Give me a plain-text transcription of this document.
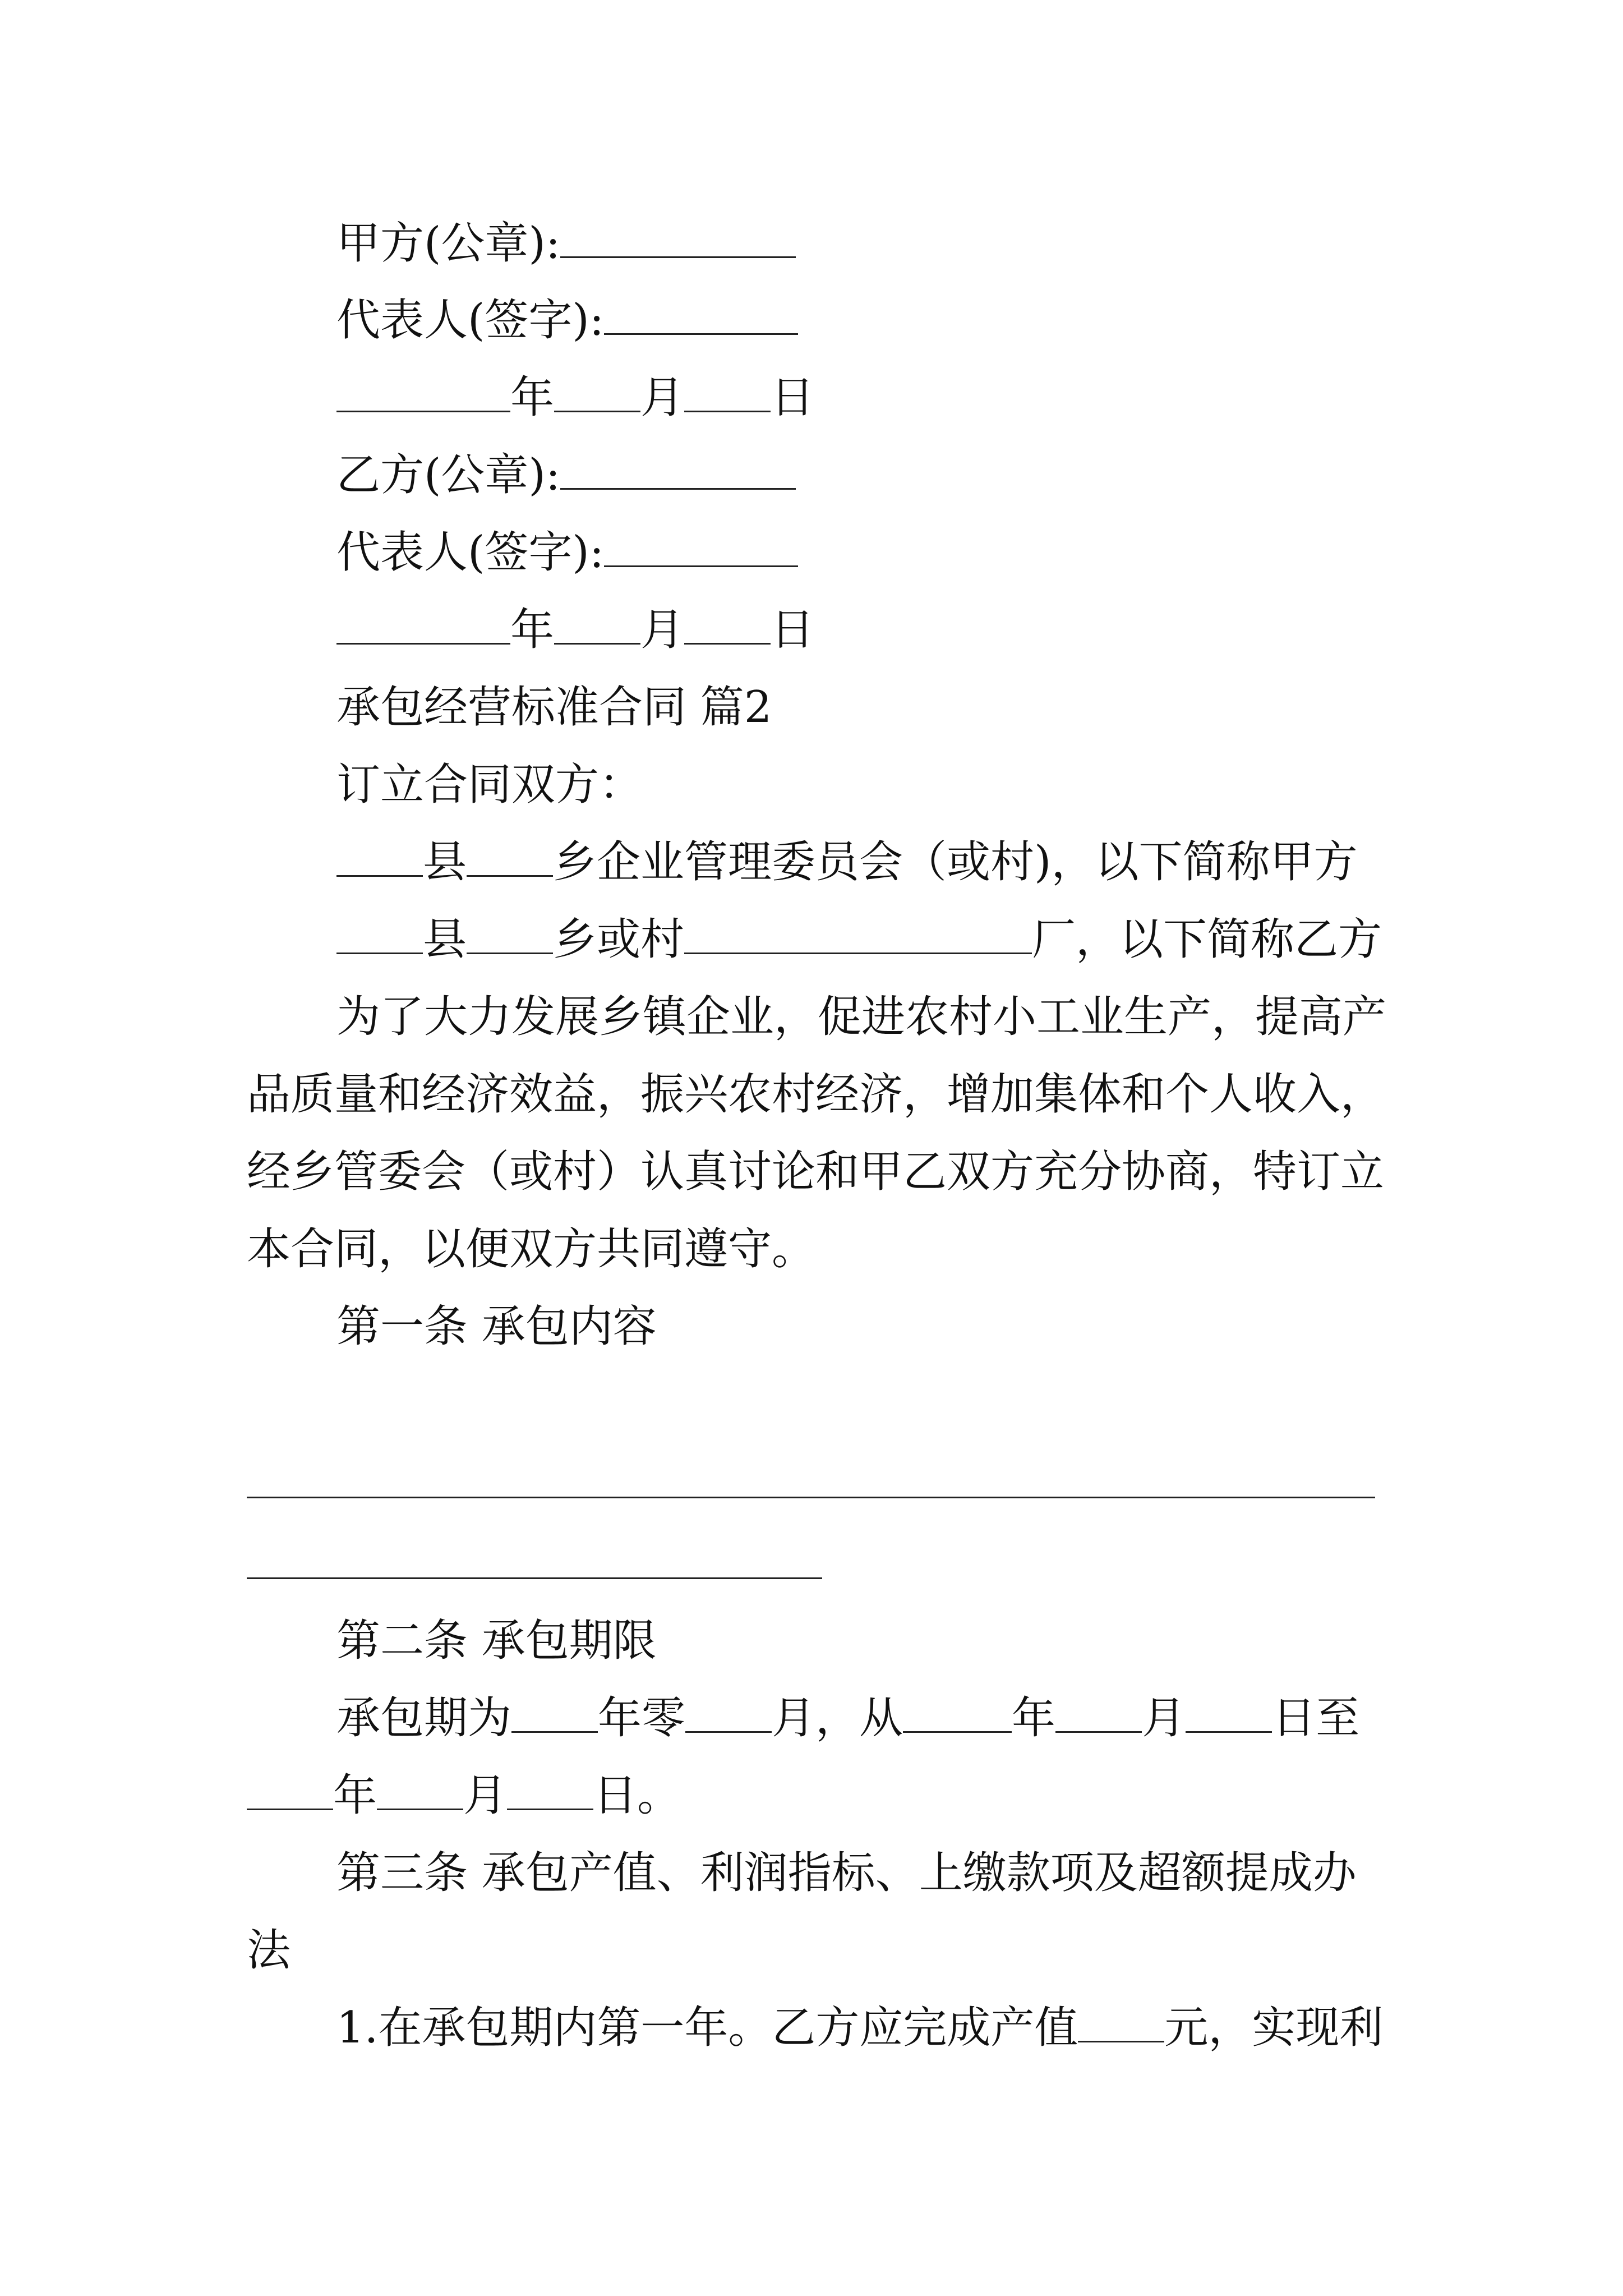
甲方(公章):
代表人(签字):
年 月 日
乙方(公章):
代表人(签字):
年 月 日
承包经营标准合同 篇2
订立合同双方：
县 乡企业管理委员会（或村)，以下简称甲方
县 乡或村	厂，以下简称乙方
为了大力发展乡镇企业，促进农村小工业生产，提高产
品质量和经济效益，振兴农村经济，增加集体和个人收入，
经乡管委会（或村）认真讨论和甲乙双方充分协商，特订立
本合同，以便双方共同遵守。
第一条 承包内容
第二条 承包期限
承包期为 年零 月，从 年 月 日至
年 月 日。
第三条 承包产值、利润指标、上缴款项及超额提成办
法
1.在承包期内第一年。乙方应完成产值 元，实现利
